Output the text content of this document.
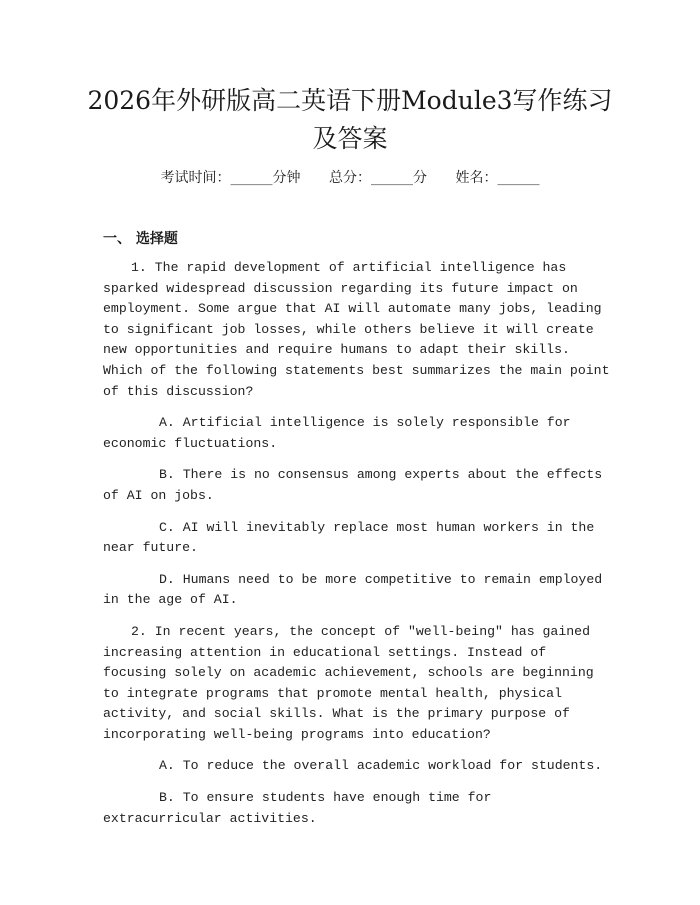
2026年外研版高二英语下册Module3写作练习及答案
考试时间：______分钟 总分：______分 姓名：______
一、 选择题

1. The rapid development of artificial intelligence has sparked widespread discussion regarding its future impact on employment. Some argue that AI will automate many jobs, leading to significant job losses, while others believe it will create new opportunities and require humans to adapt their skills. Which of the following statements best summarizes the main point of this discussion?

A. Artificial intelligence is solely responsible for economic fluctuations.

B. There is no consensus among experts about the effects of AI on jobs.

C. AI will inevitably replace most human workers in the near future.

D. Humans need to be more competitive to remain employed in the age of AI.

2. In recent years, the concept of "well-being" has gained increasing attention in educational settings. Instead of focusing solely on academic achievement, schools are beginning to integrate programs that promote mental health, physical activity, and social skills. What is the primary purpose of incorporating well-being programs into education?

A. To reduce the overall academic workload for students.

B. To ensure students have enough time for extracurricular activities.
